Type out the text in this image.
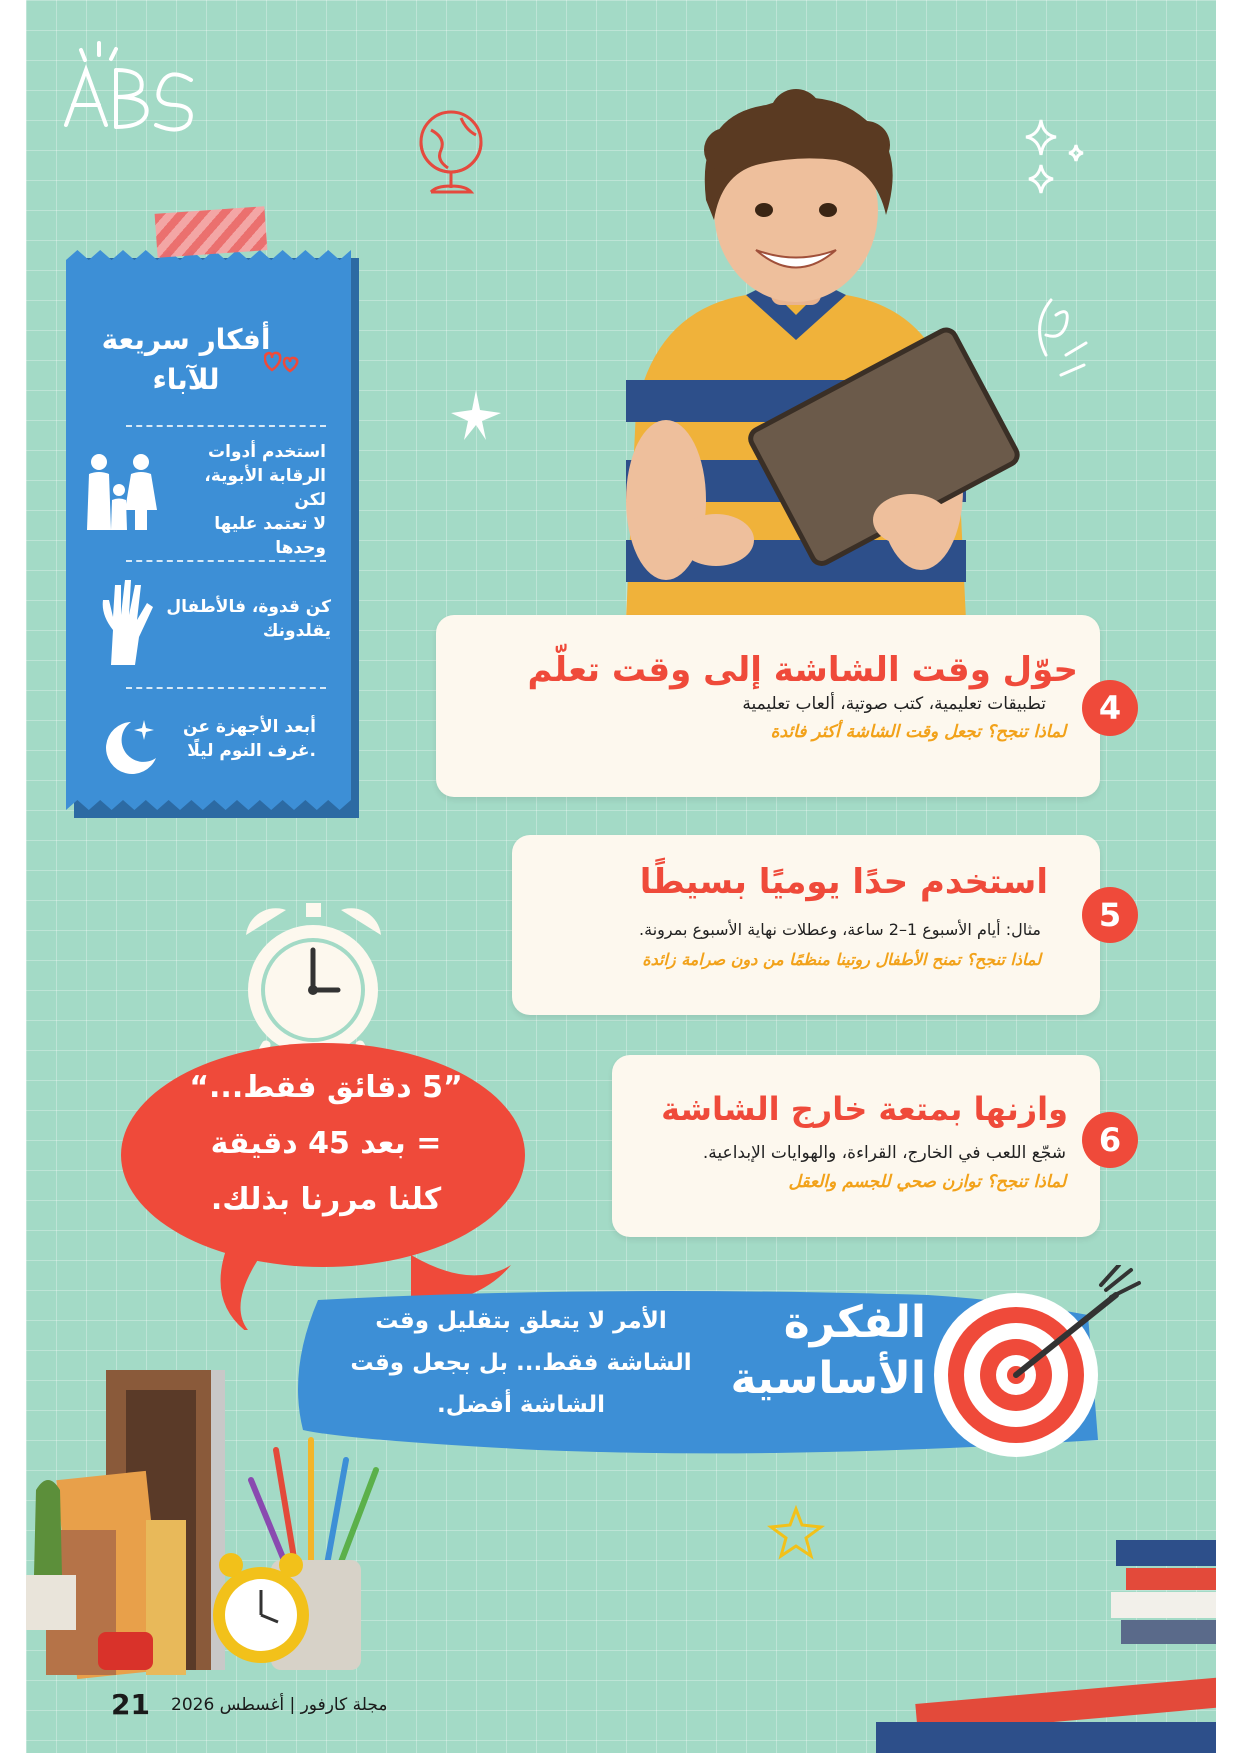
أفكار سريعة
للآباء
استخدم أدوات
الرقابة الأبوية، لكن
لا تعتمد عليها
وحدها
كن قدوة، فالأطفال
يقلدونك
أبعد الأجهزة عن
.غرف النوم ليلًا
حوّل وقت الشاشة إلى وقت تعلّم
تطبيقات تعليمية، كتب صوتية، ألعاب تعليمية
لماذا تنجح؟ تجعل وقت الشاشة أكثر فائدة
4
استخدم حدًا يوميًا بسيطًا
مثال: أيام الأسبوع 1–2 ساعة، وعطلات نهاية الأسبوع بمرونة.
لماذا تنجح؟ تمنح الأطفال روتينا منظمًا من دون صرامة زائدة
5
وازنها بمتعة خارج الشاشة
شجّع اللعب في الخارج، القراءة، والهوايات الإبداعية.
لماذا تنجح؟ توازن صحي للجسم والعقل
6
”5 دقائق فقط...“
= بعد 45 دقيقة
كلنا مررنا بذلك.
الأمر لا يتعلق بتقليل وقت
الشاشة فقط... بل بجعل وقت
الشاشة أفضل.
الفكرة
الأساسية
21 مجلة كارفور | أغسطس 2026
